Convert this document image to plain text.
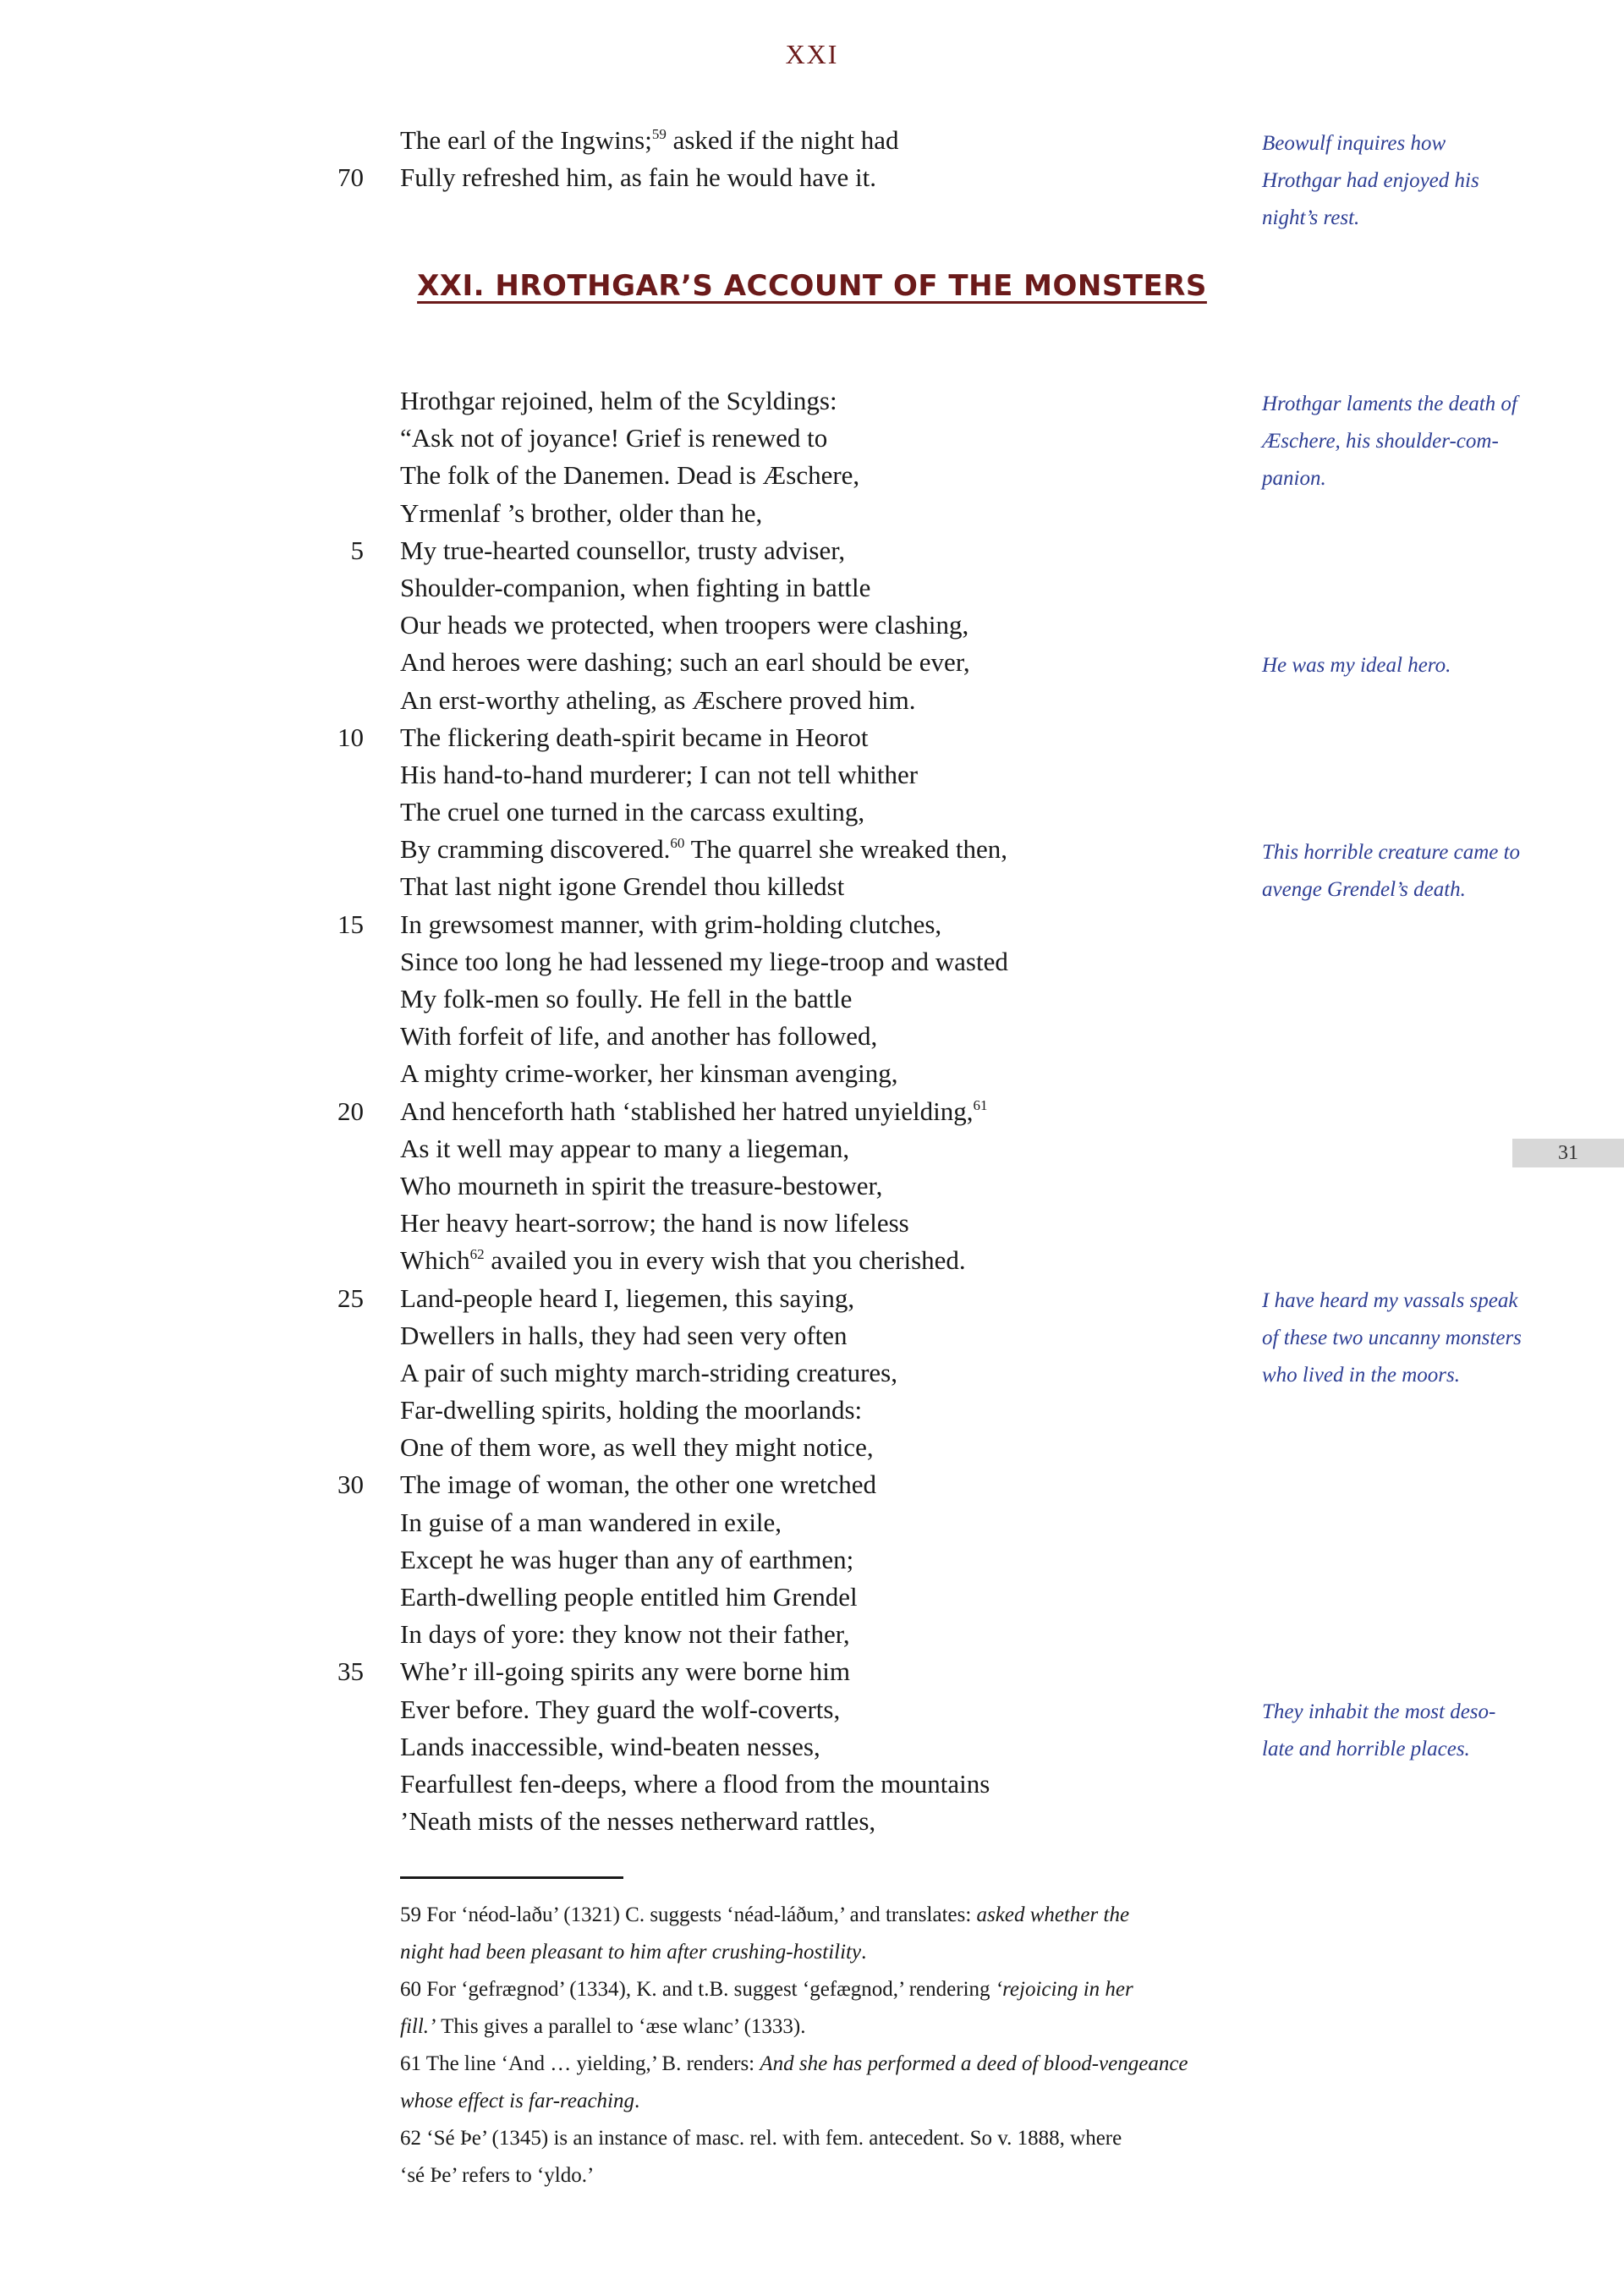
XXI
The earl of the Ingwins;$^{59}$ asked if the night had
70 Fully refreshed him, as fain he would have it.
XXI. HROTHGAR’S ACCOUNT OF THE MONSTERS
Hrothgar rejoined, helm of the Scyldings:
“Ask not of joyance! Grief is renewed to
The folk of the Danemen. Dead is Æschere,
Yrmenlaf ’s brother, older than he,
5 My true-hearted counsellor, trusty adviser,
Shoulder-companion, when fighting in battle
Our heads we protected, when troopers were clashing,
And heroes were dashing; such an earl should be ever,
An erst-worthy atheling, as Æschere proved him.
10 The flickering death-spirit became in Heorot
His hand-to-hand murderer; I can not tell whither
The cruel one turned in the carcass exulting,
By cramming discovered.$^{60}$ The quarrel she wreaked then,
That last night igone Grendel thou killedst
15 In grewsomest manner, with grim-holding clutches,
Since too long he had lessened my liege-troop and wasted
My folk-men so foully. He fell in the battle
With forfeit of life, and another has followed,
A mighty crime-worker, her kinsman avenging,
20 And henceforth hath ‘stablished her hatred unyielding,$^{61}$
As it well may appear to many a liegeman,
Who mourneth in spirit the treasure-bestower,
Her heavy heart-sorrow; the hand is now lifeless
Which$^{62}$ availed you in every wish that you cherished.
25 Land-people heard I, liegemen, this saying,
Dwellers in halls, they had seen very often
A pair of such mighty march-striding creatures,
Far-dwelling spirits, holding the moorlands:
One of them wore, as well they might notice,
30 The image of woman, the other one wretched
In guise of a man wandered in exile,
Except he was huger than any of earthmen;
Earth-dwelling people entitled him Grendel
In days of yore: they know not their father,
35 Whe’r ill-going spirits any were borne him
Ever before. They guard the wolf-coverts,
Lands inaccessible, wind-beaten nesses,
Fearfullest fen-deeps, where a flood from the mountains
’Neath mists of the nesses netherward rattles,
Beowulf inquires how
Hrothgar had enjoyed his
night’s rest.
Hrothgar laments the death of
Æschere, his shoulder-com-
panion.
He was my ideal hero.
This horrible creature came to
avenge Grendel’s death.
I have heard my vassals speak
of these two uncanny monsters
who lived in the moors.
They inhabit the most deso-
late and horrible places.
31
59 For ‘néod-laðu’ (1321) C. suggests ‘néad-láðum,’ and translates: asked whether the
night had been pleasant to him after crushing-hostility.
60 For ‘gefrægnod’ (1334), K. and t.B. suggest ‘gefægnod,’ rendering ‘rejoicing in her
fill.’ This gives a parallel to ‘æse wlanc’ (1333).
61 The line ‘And … yielding,’ B. renders: And she has performed a deed of blood-vengeance
whose effect is far-reaching.
62 ‘Sé Þe’ (1345) is an instance of masc. rel. with fem. antecedent. So v. 1888, where
‘sé Þe’ refers to ‘yldo.’
